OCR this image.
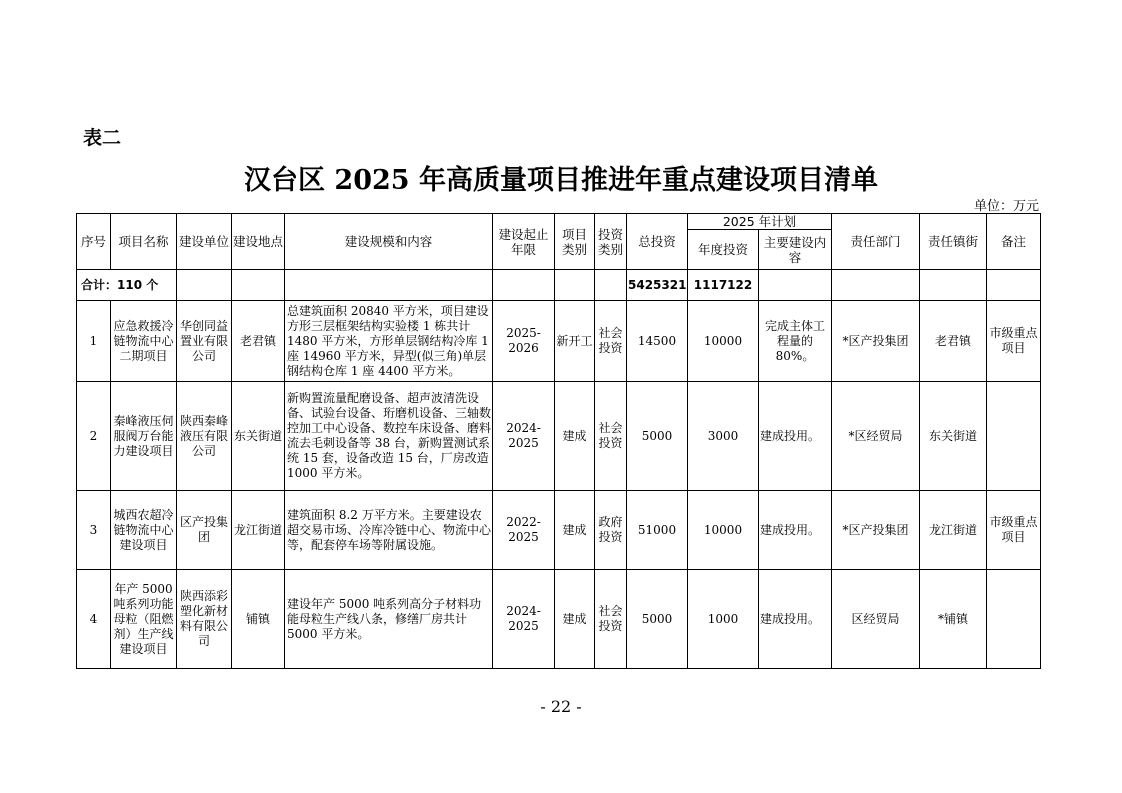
表二
汉台区 2025 年高质量项目推进年重点建设项目清单
单位：万元
序号	项目名称	建设单位	建设地点	建设规模和内容	建设起止年限	项目类别	投资类别	总投资	2025 年计划		责任部门	责任镇街	备注
									年度投资	主要建设内容			
合计：110 个								5425321	1117122				
1	应急救援冷链物流中心二期项目	华创同益置业有限公司	老君镇	总建筑面积 20840 平方米，项目建设方形三层框架结构实验楼 1 栋共计 1480 平方米，方形单层钢结构冷库 1 座 14960 平方米，异型(似三角)单层钢结构仓库 1 座 4400 平方米。	2025-2026	新开工	社会投资	14500	10000	完成主体工程量的 80%。	*区产投集团	老君镇	市级重点项目
2	秦峰液压伺服阀万台能力建设项目	陕西秦峰液压有限公司	东关街道	新购置流量配磨设备、超声波清洗设备、试验台设备、珩磨机设备、三轴数控加工中心设备、数控车床设备、磨料流去毛刺设备等 38 台，新购置测试系统 15 套，设备改造 15 台，厂房改造 1000 平方米。	2024-2025	建成	社会投资	5000	3000	建成投用。	*区经贸局	东关街道	
3	城西农超冷链物流中心建设项目	区产投集团	龙江街道	建筑面积 8.2 万平方米。主要建设农超交易市场、冷库冷链中心、物流中心等，配套停车场等附属设施。	2022-2025	建成	政府投资	51000	10000	建成投用。	*区产投集团	龙江街道	市级重点项目
4	年产 5000 吨系列功能母粒（阻燃剂）生产线建设项目	陕西添彩塑化新材料有限公司	铺镇	建设年产 5000 吨系列高分子材料功能母粒生产线八条，修缮厂房共计 5000 平方米。	2024-2025	建成	社会投资	5000	1000	建成投用。	区经贸局	*铺镇	
- 22 -
